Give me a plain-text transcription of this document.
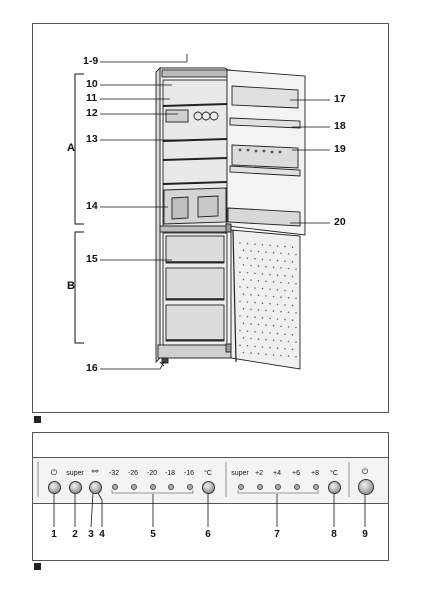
1-9
10
11
12
13
14
15
16
17
18
19
20
A
B
⏻ super ⚯ -32 -26 -20 -18 -16 °C	super +2 +4 +6 +8 °C	⏻
1 2 3 4	5	6	7	8	9
